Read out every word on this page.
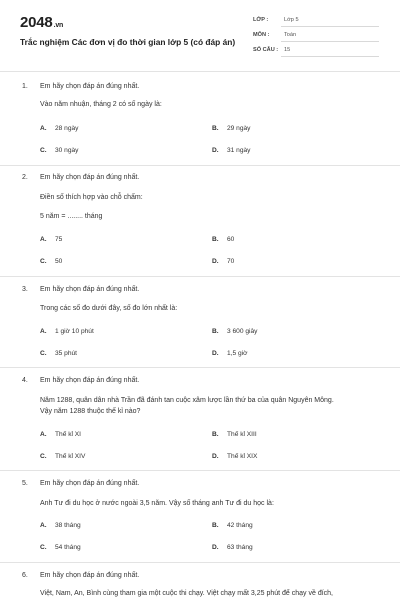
2048.vn
Trắc nghiệm Các đơn vị đo thời gian lớp 5 (có đáp án)
LỚP :	Lớp 5
MÔN :	Toán
SỐ CÂU : 15
1. Em hãy chọn đáp án đúng nhất.
Vào năm nhuận, tháng 2 có số ngày là:
A. 28 ngày	B. 29 ngày
C. 30 ngày	D. 31 ngày
2. Em hãy chọn đáp án đúng nhất.
Điền số thích hợp vào chỗ chấm:
5 năm = ........ tháng
A. 75	B. 60
C. 50	D. 70
3. Em hãy chọn đáp án đúng nhất.
Trong các số đo dưới đây, số đo lớn nhất là:
A. 1 giờ 10 phút	B. 3 600 giây
C. 35 phút	D. 1,5 giờ
4. Em hãy chọn đáp án đúng nhất.
Năm 1288, quân dân nhà Trần đã đánh tan cuộc xâm lược lần thứ ba của quân Nguyên Mông.
Vậy năm 1288 thuộc thế kỉ nào?
A. Thế kỉ XI	B. Thế kỉ XIII
C. Thế kỉ XIV	D. Thế kỉ XIX
5. Em hãy chọn đáp án đúng nhất.
Anh Tư đi du học ở nước ngoài 3,5 năm. Vậy số tháng anh Tư đi du học là:
A. 38 tháng	B. 42 tháng
C. 54 tháng	D. 63 tháng
6. Em hãy chọn đáp án đúng nhất.
Việt, Nam, An, Bình cùng tham gia một cuộc thi chạy. Việt chạy mất 3,25 phút để chạy về đích,
